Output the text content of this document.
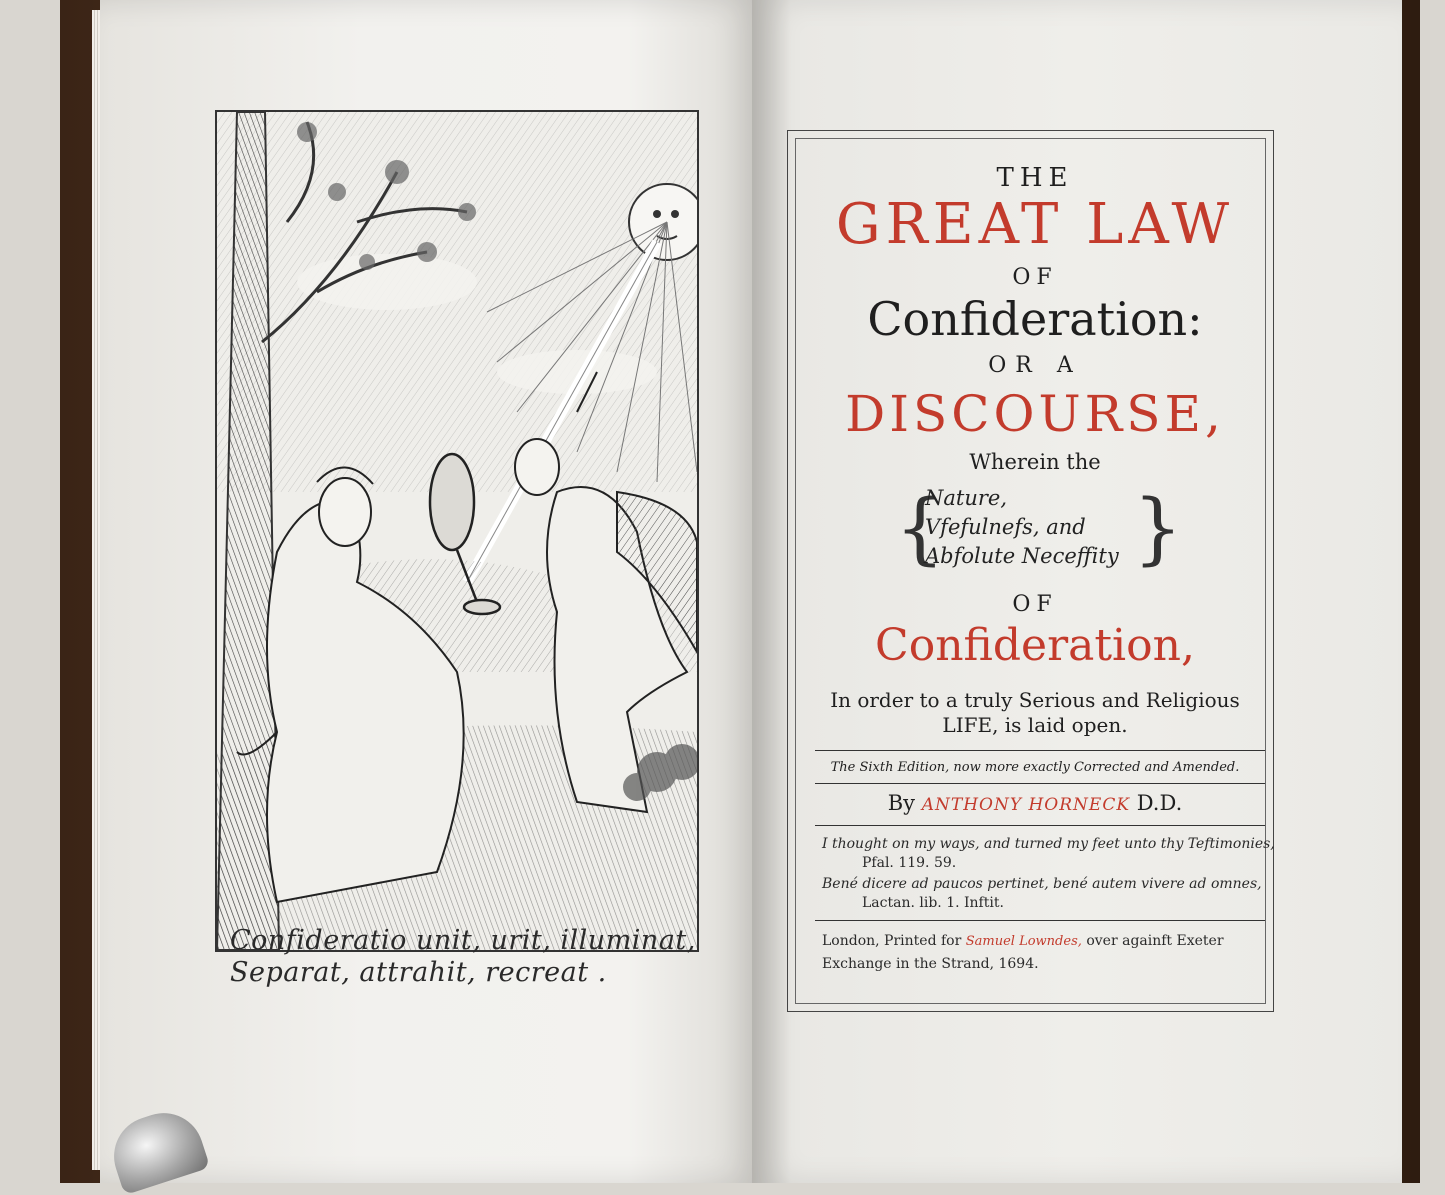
Confideratio unit, urit, illuminat,
Separat, attrahit, recreat .
THE
GREAT LAW
OF
Confideration:
OR A
DISCOURSE,
Wherein the
{
Nature,
Vfefulnefs, and
Abfolute Neceffity }
OF
Confideration,
In order to a truly Serious and Religious
LIFE, is laid open.
The Sixth Edition, now more exactly Corrected and Amended.
By ANTHONY HORNECK D.D.
I thought on my ways, and turned my feet unto thy Teftimonies,
Pfal. 119. 59.
Bené dicere ad paucos pertinet, bené autem vivere ad omnes,
Lactan. lib. 1. Inftit.
London, Printed for Samuel Lowndes, over againft Exeter
Exchange in the Strand, 1694.
